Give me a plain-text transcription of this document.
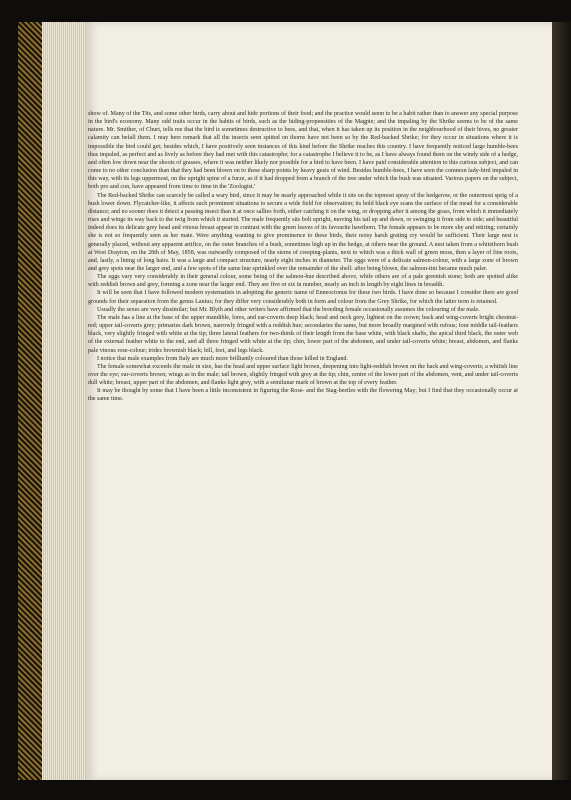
show of. Many of the Tits, and some other birds, carry about and hide portions of their food; and the practice would seem to be a habit rather than to answer any special purpose in the bird's economy. Many odd traits occur in the habits of birds, such as the hiding-propensities of the Magpie; and the impaling by the Shrike seems to be of the same nature. Mr. Smither, of Churt, tells me that the bird is sometimes destructive to bees, and that, when it has taken up its position in the neighbourhood of their hives, no greater calamity can befall them. I may here remark that all the insects seen spitted on thorns have not been so by the Red-backed Shrike; for they occur in situations where it is impossible the bird could get; besides which, I have positively seen instances of this kind before the Shrike reaches this country. I have frequently noticed large humble-bees thus impaled, as perfect and as lively as before they had met with this catastrophe; for a catastrophe I believe it to be, as I have always found them on the windy side of a hedge, and often low down near the shoots of grasses, where it was neither likely nor possible for a bird to have been. I have paid considerable attention to this curious subject, and can come to no other conclusion than that they had been blown on to these sharp points by heavy gusts of wind. Besides humble-bees, I have seen the common lady-bird impaled in this way, with its legs uppermost, on the upright spine of a furze, as if it had dropped from a branch of the tree under which the bush was situated. Various papers on the subject, both pro and con, have appeared from time to time in the 'Zoologist.'

The Red-backed Shrike can scarcely be called a wary bird, since it may be nearly approached while it sits on the topmost spray of the hedgerow, or the outermost sprig of a bush lower down. Flycatcher-like, it affects such prominent situations to secure a wide field for observation; its bold black eye scans the surface of the mead for a considerable distance; and no sooner does it detect a passing insect than it at once sallies forth, either catching it on the wing, or dropping after it among the grass, from which it immediately rises and wings its way back to the twig from which it started. The male frequently sits bolt upright, moving his tail up and down, or swinging it from side to side; and beautiful indeed does its delicate grey head and vinous breast appear in contrast with the green leaves of its favourite hawthorn. The female appears to be more shy and retiring; certainly she is not so frequently seen as her mate. Were anything wanting to give prominence to these birds, their noisy harsh grating cry would be sufficient. Their large nest is generally placed, without any apparent artifice, on the outer branches of a bush, sometimes high up in the hedge, at others near the ground. A nest taken from a whitethorn bush at West Drayton, on the 28th of May, 1858, was outwardly composed of the stems of creeping-plants, next to which was a thick wall of green moss, then a layer of fine roots, and, lastly, a lining of long hairs. It was a large and compact structure, nearly eight inches in diameter. The eggs were of a delicate salmon-colour, with a large zone of brown and grey spots near the larger end, and a few spots of the same hue sprinkled over the remainder of the shell: after being blown, the salmon-tint became much paler.

The eggs vary very considerably in their general colour, some being of the salmon-hue described above, while others are of a pale greenish stone; both are spotted alike with reddish brown and grey, forming a zone near the larger end. They are five or six in number, nearly an inch in length by eight lines in breadth.

It will be seen that I have followed modern systematists in adopting the generic name of Enneoctonus for these two birds. I have done so because I consider there are good grounds for their separation from the genus Lanius; for they differ very considerably both in form and colour from the Grey Shrike, for which the latter term is retained.

Usually the sexes are very dissimilar; but Mr. Blyth and other writers have affirmed that the breeding female occasionally assumes the colouring of the male.

The male has a line at the base of the upper mandible, lores, and ear-coverts deep black; head and neck grey, lightest on the crown; back and wing-coverts bright chestnut-red; upper tail-coverts grey; primaries dark brown, narrowly fringed with a reddish hue; secondaries the same, but more broadly margined with rufous; four middle tail-feathers black, very slightly fringed with white at the tip; three lateral feathers for two-thirds of their length from the base white, with black shafts, the apical third black, the outer web of the external feather white to the end, and all three fringed with white at the tip; chin, lower part of the abdomen, and under tail-coverts white; breast, abdomen, and flanks pale vinous rose-colour; irides brownish black; bill, feet, and legs black.

I notice that male examples from Italy are much more brilliantly coloured than those killed in England.

The female somewhat exceeds the male in size, has the head and upper surface light brown, deepening into light-reddish brown on the back and wing-coverts; a whitish line over the eye; ear-coverts brown; wings as in the male; tail brown, slightly fringed with grey at the tip; chin, centre of the lower part of the abdomen, vent, and under tail-coverts dull white; breast, upper part of the abdomen, and flanks light grey, with a semilunar mark of brown at the top of every feather.

It may be thought by some that I have been a little inconsistent in figuring the Rose- and the Stag-beetles with the flowering May; but I find that they occasionally occur at the same time.
